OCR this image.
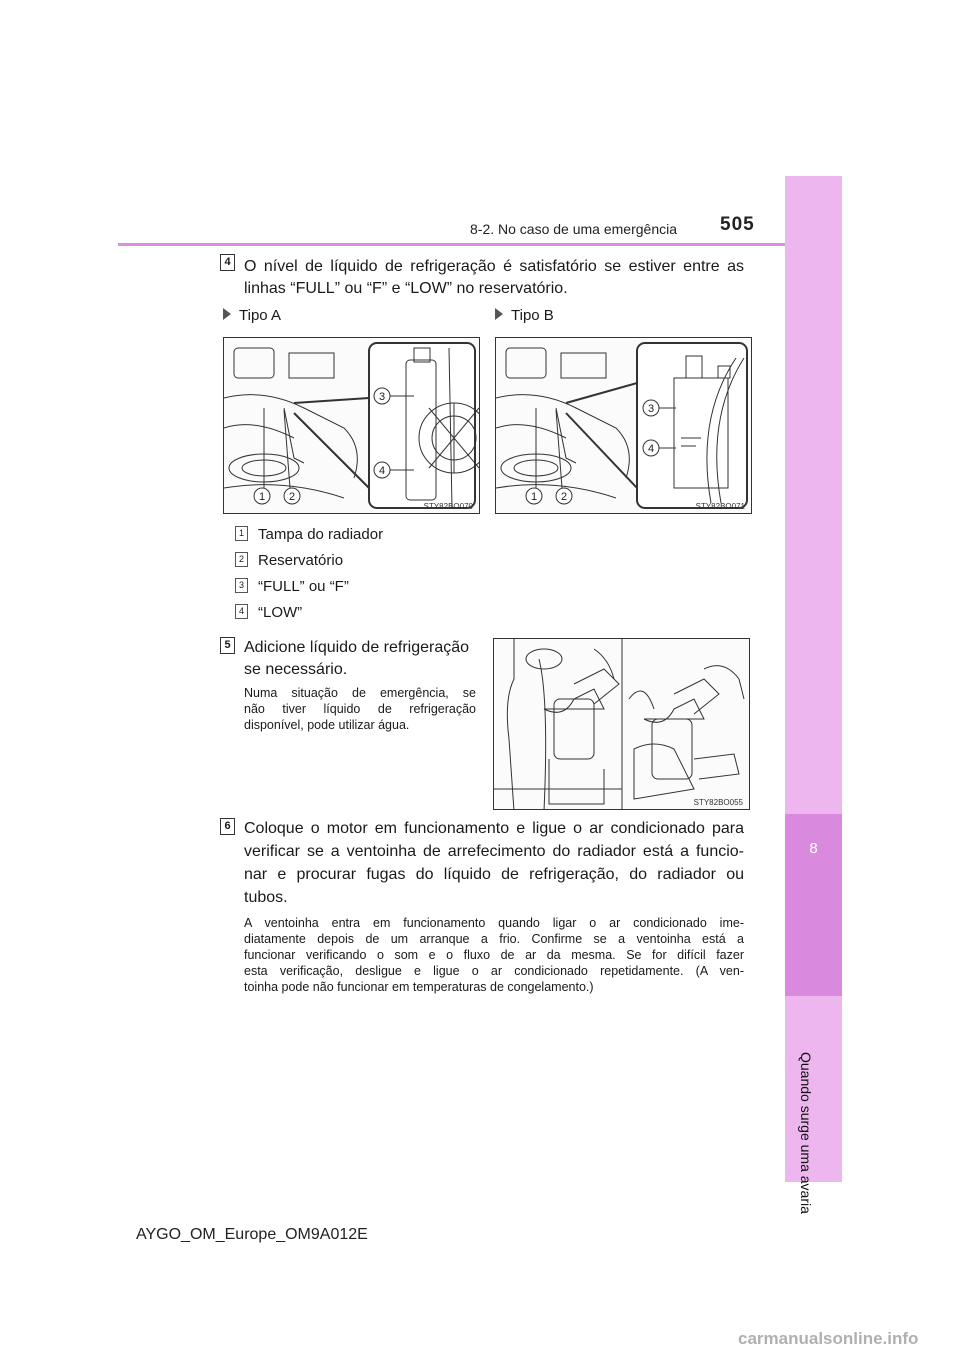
8
Quando surge uma avaria
8-2. No caso de uma emergência 505
4 O nível de líquido de refrigeração é satisfatório se estiver entre as
linhas “FULL” ou “F” e “LOW” no reservatório.
Tipo A	Tipo B
3
4
1 2
STY82BO070
3
4
1 2
STY82BO071
1 Tampa do radiador
2 Reservatório
3 “FULL” ou “F”
4 “LOW”
5 Adicione líquido de refrigeração
se necessário.
Numa situação de emergência, se
não tiver líquido de refrigeração
disponível, pode utilizar água.
STY82BO055
6 Coloque o motor em funcionamento e ligue o ar condicionado para
verificar se a ventoinha de arrefecimento do radiador está a funcio-
nar e procurar fugas do líquido de refrigeração, do radiador ou
tubos.
A ventoinha entra em funcionamento quando ligar o ar condicionado ime-
diatamente depois de um arranque a frio. Confirme se a ventoinha está a
funcionar verificando o som e o fluxo de ar da mesma. Se for difícil fazer
esta verificação, desligue e ligue o ar condicionado repetidamente. (A ven-
toinha pode não funcionar em temperaturas de congelamento.)
AYGO_OM_Europe_OM9A012E
carmanualsonline.info
